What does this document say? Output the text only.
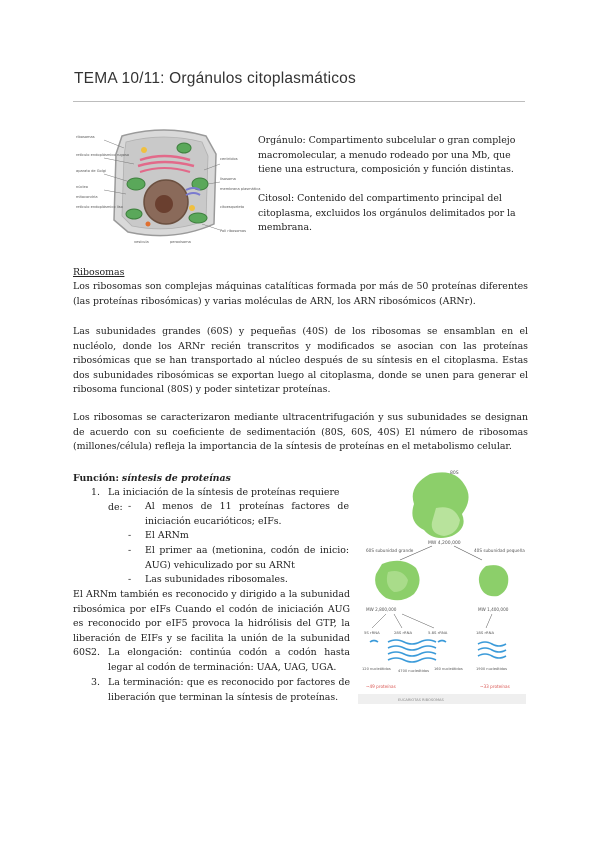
TEMA 10/11: Orgánulos citoplasmáticos
ribosomas
retículo endoplásmico rugoso
aparato de Golgi
núcleo
mitocondria
centríolos
lisosoma
membrana plasmática
citoesqueleto
vesícula	peroxisoma
retículo endoplásmico liso
Poli ribosomas

Orgánulo: Compartimento subcelular o gran complejo macromolecular, a menudo rodeado por una Mb, que tiene una estructura, composición y función distintas.

Citosol: Contenido del compartimento principal del citoplasma, excluidos los orgánulos delimitados por la membrana.

Ribosomas

Los ribosomas son complejas máquinas catalíticas formada por más de 50 proteínas diferentes (las proteínas ribosómicas) y varias moléculas de ARN, los ARN ribosómicos (ARNr).

Las subunidades grandes (60S) y pequeñas (40S) de los ribosomas se ensamblan en el nucléolo, donde los ARNr recién transcritos y modificados se asocian con las proteínas ribosómicas que se han transportado al núcleo después de su síntesis en el citoplasma. Estas dos subunidades ribosómicas se exportan luego al citoplasma, donde se unen para generar el ribosoma funcional (80S) y poder sintetizar proteínas.

Los ribosomas se caracterizaron mediante ultracentrifugación y sus subunidades se designan de acuerdo con su coeficiente de sedimentación (80S, 60S, 40S) El número de ribosomas (millones/célula) refleja la importancia de la síntesis de proteínas en el metabolismo celular.

Función: síntesis de proteínas

1. La iniciación de la síntesis de proteínas requiere de: - Al menos de 11 proteínas factores de iniciación eucarióticos; eIFs.

- El ARNm

- El primer aa (metionina, codón de inicio: AUG) vehiculizado por su ARNt

- Las subunidades ribosomales.

El ARNm también es reconocido y dirigido a la subunidad ribosómica por eIFs Cuando el codón de iniciación AUG es reconocido por eIF5 provoca la hidrólisis del GTP, la liberación de EIFs y se facilita la unión de la subunidad 60S 2. La elongación: continúa codón a codón hasta legar al codón de terminación: UAA, UAG, UGA.

3. La terminación: que es reconocido por factores de liberación que terminan la síntesis de proteínas.

80S
MW 4,200,000
60S subunidad grande	40S subunidad pequeña
MW 2,800,000	MW 1,400,000
5S rRNA	28S rRNA	5.8S rRNA	18S rRNA
120 nucleótidos 4700 nucleótidos 160 nucleótidos	1900 nucleótidos
~49 proteínas	~33 proteínas
EUCARIOTAS RIBOSOMAS
